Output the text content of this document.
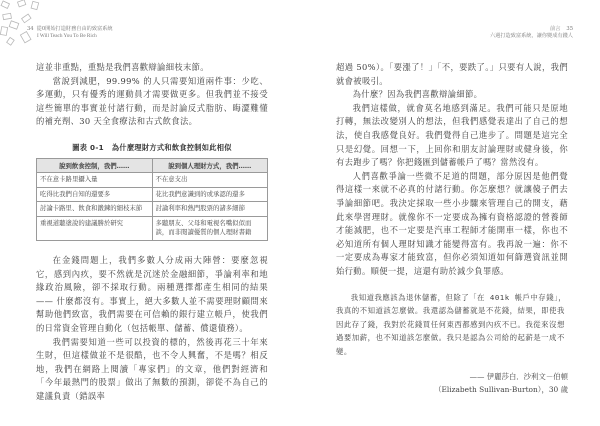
34 從0開始打造財務自由的致富系統
I Will Teach You To Be Rich

這並非重點，重點是我們喜歡辯論細枝末節。

當說到減肥，99.99% 的人只需要知道兩件事：少吃、多運動，只有優秀的運動員才需要做更多。但我們並不接受這些簡單的事實並付諸行動，而是討論反式脂肪、晦澀難懂的補充劑、30 天全食療法和古式飲食法。

圖表 0-1 為什麼理財方式和飲食控制如此相似
說到飲食控制，我們……	說到個人理財方式，我們……
不在意卡路里攝入量	不在意支出
吃得比我們自知的還要多	花比我們意識到的或承認的還多
討論卡路里、飲食和鍛鍊的細枝末節	討論利率和熱門股票的諸多細節
重視道聽塗說的建議勝於研究	多聽朋友、父母和電視名嘴似似而談，而非閱讀優質的個人理財書籍

在金錢問題上，我們多數人分成兩大陣營：要麼忽視它，感到內疚，要不然就是沉迷於金融細節，爭論利率和地緣政治風險，卻不採取行動。兩種選擇都產生相同的結果 —— 什麼都沒有。事實上，絕大多數人並不需要理財顧問來幫助他們致富，我們需要在可信賴的銀行建立帳戶，使我們的日常資金管理自動化（包括帳單、儲蓄、償還債務）。

我們需要知道一些可以投資的標的，然後再花三十年來生財，但這樣做並不是很酷，也不令人興奮，不是嗎？相反地，我們在網路上閱讀「專家們」的文章，他們對經濟和「今年最熱門的股票」做出了無數的預測，卻從不為自己的建議負責（錯誤率

前言 35
六週打造致富系統，讓你變成有錢人

超過 50%）。「要漲了！」「不，要跌了。」只要有人說，我們就會被吸引。

為什麼？因為我們喜歡辯論細節。

我們這樣做，就會莫名地感到滿足。我們可能只是原地打轉，無法改變別人的想法，但我們感覺表達出了自己的想法，使自我感覺良好。我們覺得自己進步了。問題是這完全只是幻覺。回想一下，上回你和朋友討論理財或健身後，你有去跑步了嗎？你把錢匯到儲蓄帳戶了嗎？當然沒有。

人們喜歡爭論一些微不足道的問題，部分原因是他們覺得這樣一來就不必真的付諸行動。你怎麼想？就讓傻子們去爭論細節吧。我決定採取一些小步驟來管理自己的開支，藉此來學習理財。就像你不一定要成為擁有資格認證的營養師才能減肥，也不一定要是汽車工程師才能開車一樣，你也不必知道所有個人理財知識才能變得富有。我再說一遍：你不一定要成為專家才能致富，但你必須知道如何篩選資訊並開始行動。順便一提，這還有助於減少負罪感。

我知道我應該為退休儲蓄，但除了「在 401k 帳戶中存錢」，我真的不知道該怎麼做。我還認為儲蓄就是不花錢，結果，即使我因此存了錢，我對於花錢買任何東西都感到內疚不已。我從來沒想過要加薪，也不知道該怎麼做。我只是認為公司給的起薪是一成不變。

—— 伊麗莎白．沙利文－伯頓
（Elizabeth Sullivan-Burton），30 歲
